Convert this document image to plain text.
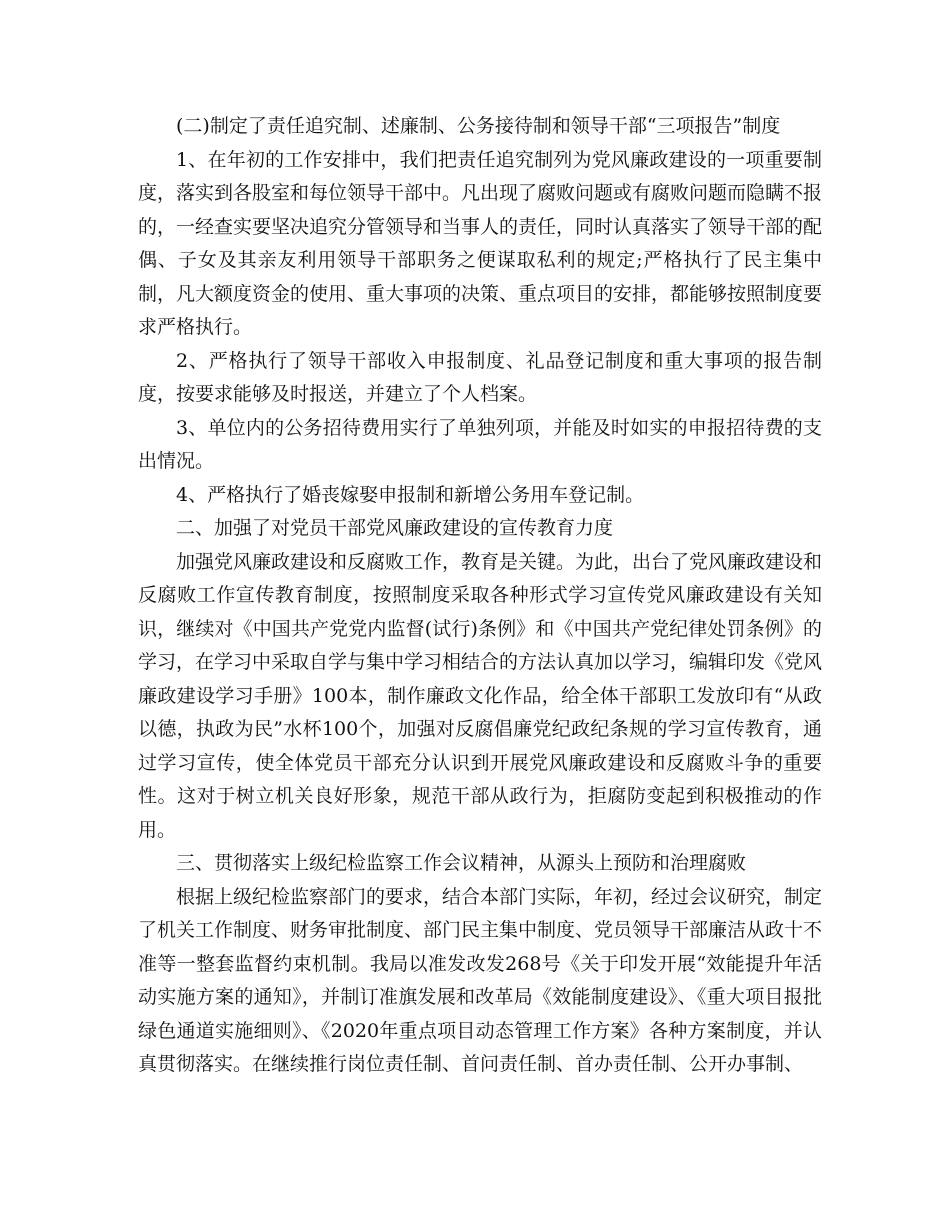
(二)制定了责任追究制、述廉制、公务接待制和领导干部“三项报告”制度

1、在年初的工作安排中，我们把责任追究制列为党风廉政建设的一项重要制度，落实到各股室和每位领导干部中。凡出现了腐败问题或有腐败问题而隐瞒不报的，一经查实要坚决追究分管领导和当事人的责任，同时认真落实了领导干部的配偶、子女及其亲友利用领导干部职务之便谋取私利的规定;严格执行了民主集中制，凡大额度资金的使用、重大事项的决策、重点项目的安排，都能够按照制度要求严格执行。

2、严格执行了领导干部收入申报制度、礼品登记制度和重大事项的报告制度，按要求能够及时报送，并建立了个人档案。

3、单位内的公务招待费用实行了单独列项，并能及时如实的申报招待费的支出情况。

4、严格执行了婚丧嫁娶申报制和新增公务用车登记制。

二、加强了对党员干部党风廉政建设的宣传教育力度

加强党风廉政建设和反腐败工作，教育是关键。为此，出台了党风廉政建设和反腐败工作宣传教育制度，按照制度采取各种形式学习宣传党风廉政建设有关知识，继续对《中国共产党党内监督(试行)条例》和《中国共产党纪律处罚条例》的学习，在学习中采取自学与集中学习相结合的方法认真加以学习，编辑印发《党风廉政建设学习手册》100本，制作廉政文化作品，给全体干部职工发放印有“从政以德，执政为民”水杯100个，加强对反腐倡廉党纪政纪条规的学习宣传教育，通过学习宣传，使全体党员干部充分认识到开展党风廉政建设和反腐败斗争的重要性。这对于树立机关良好形象，规范干部从政行为，拒腐防变起到积极推动的作用。

三、贯彻落实上级纪检监察工作会议精神，从源头上预防和治理腐败

根据上级纪检监察部门的要求，结合本部门实际，年初，经过会议研究，制定了机关工作制度、财务审批制度、部门民主集中制度、党员领导干部廉洁从政十不准等一整套监督约束机制。我局以准发改发268号《关于印发开展“效能提升年活动实施方案的通知》，并制订准旗发展和改革局《效能制度建设》、《重大项目报批绿色通道实施细则》、《2020年重点项目动态管理工作方案》各种方案制度，并认真贯彻落实。在继续推行岗位责任制、首问责任制、首办责任制、公开办事制、
